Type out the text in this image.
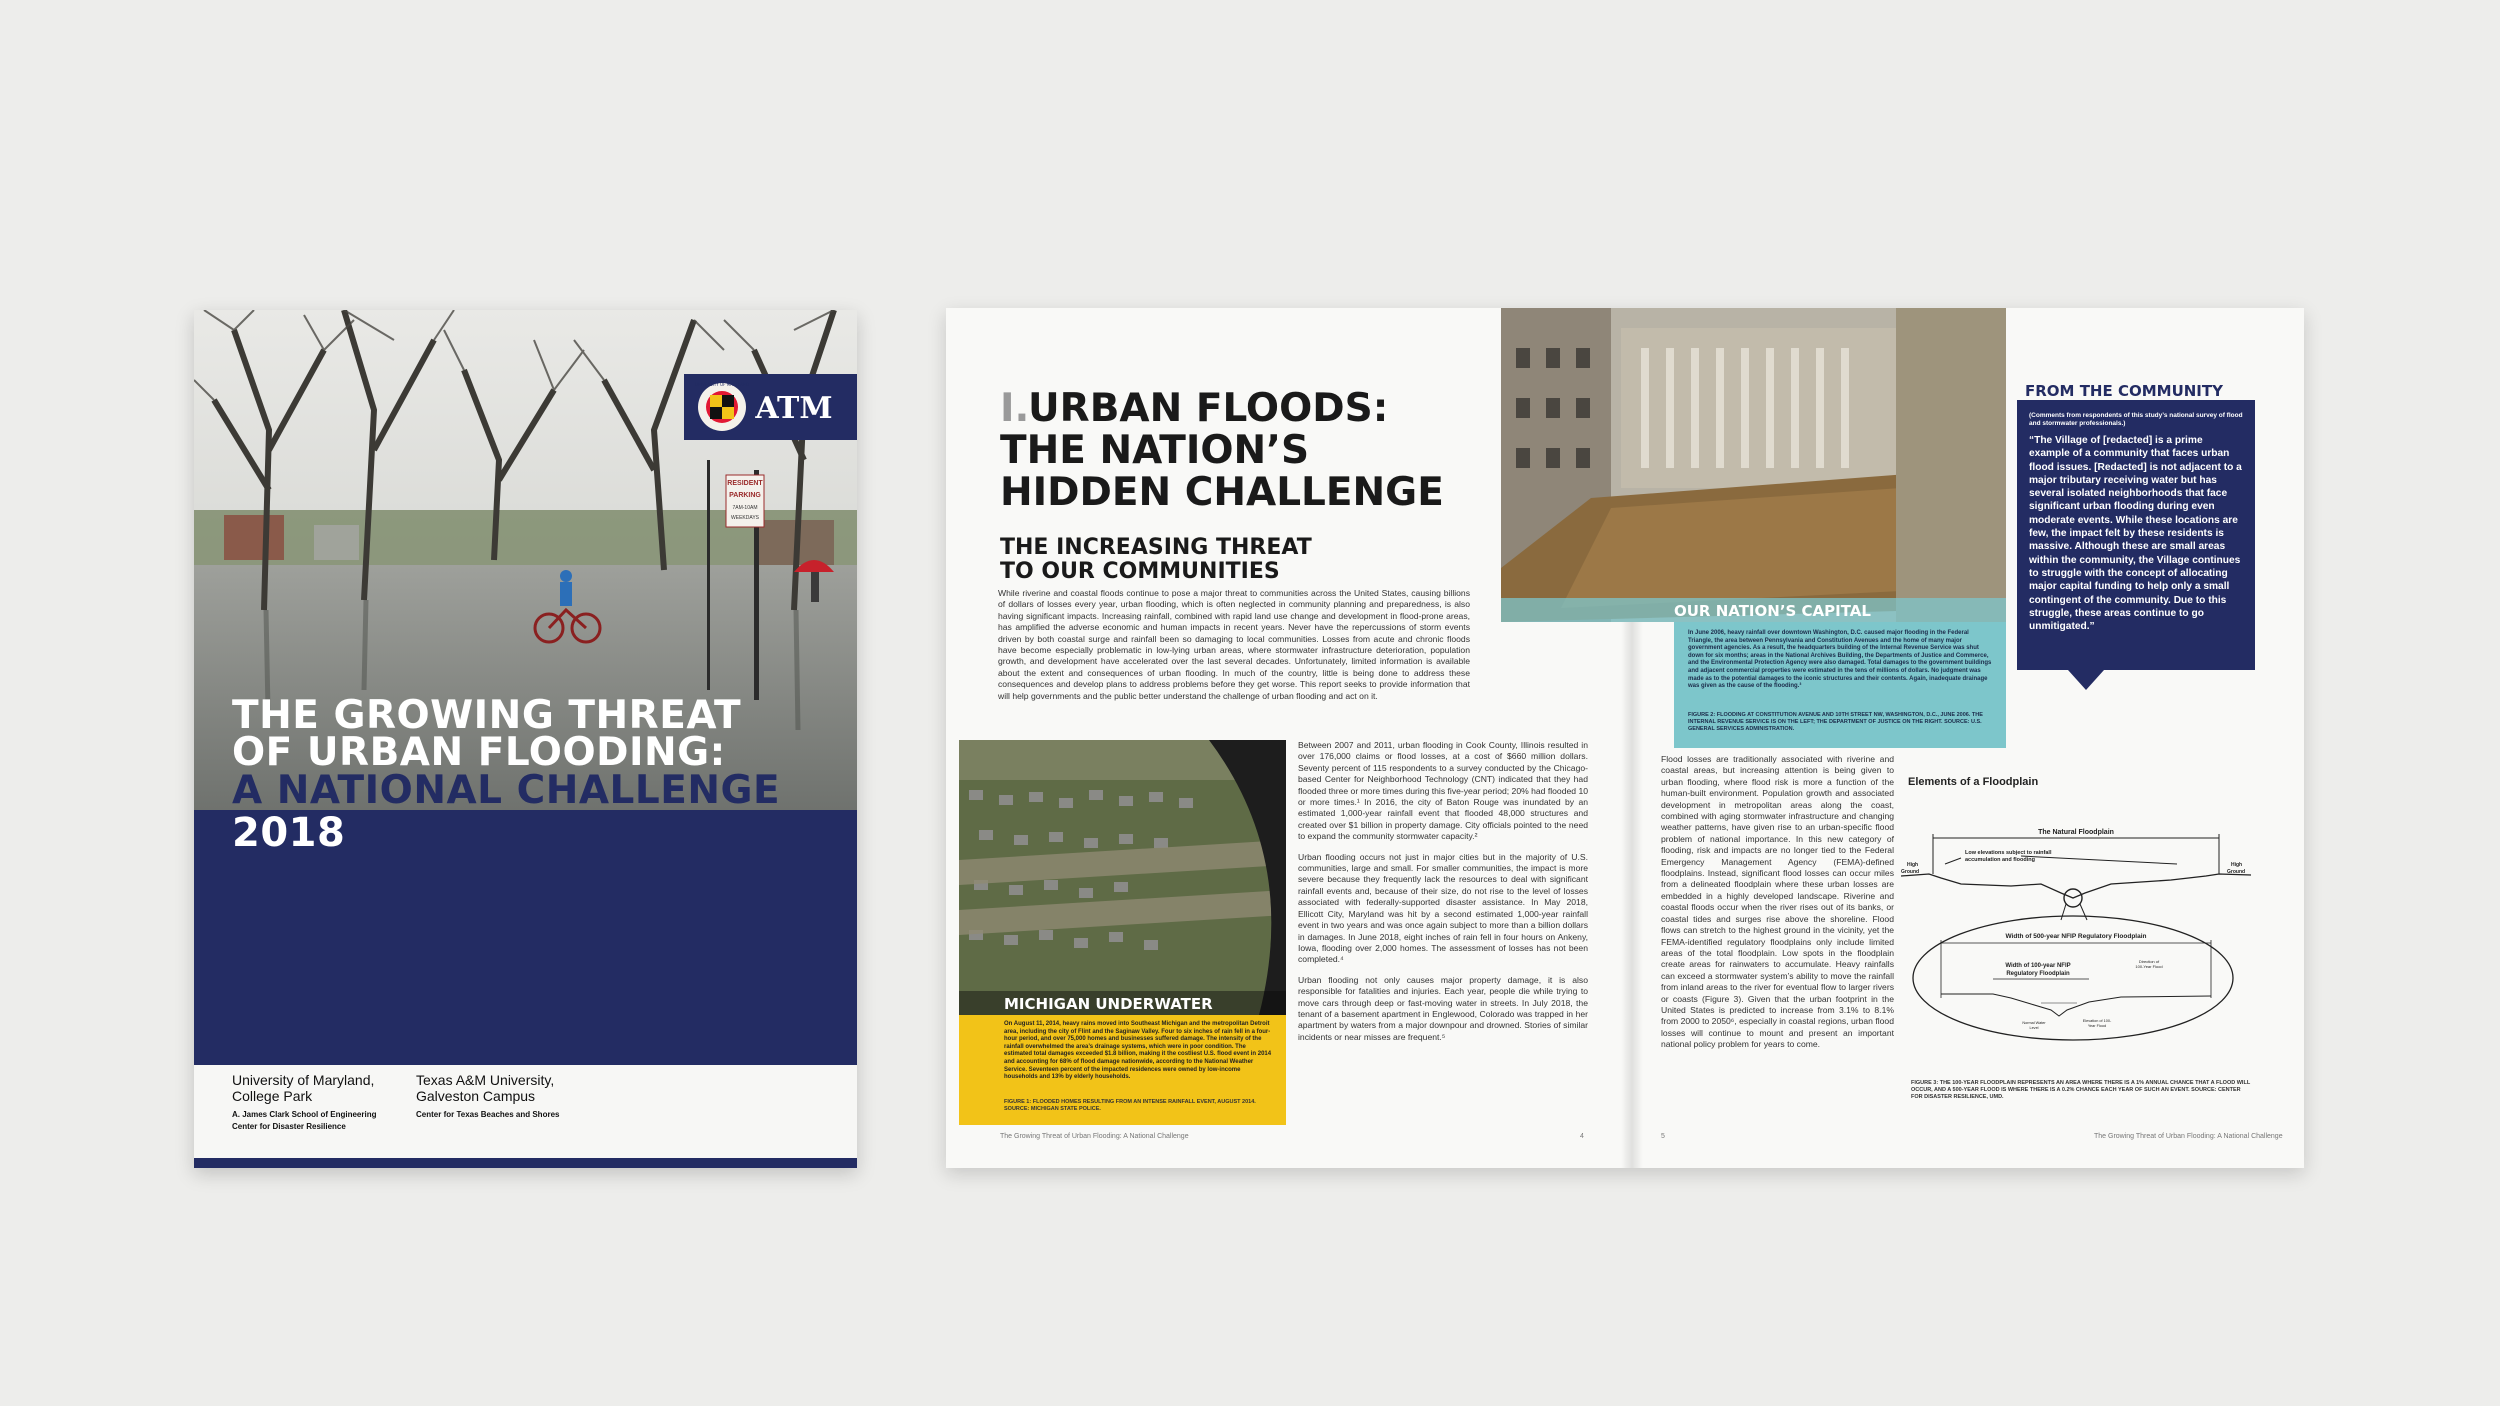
RESIDENT
PARKING
7AM-10AM
WEEKDAYS
UNIVERSITY OF MARYLAND
ATM
THE GROWING THREAT
OF URBAN FLOODING:
A NATIONAL CHALLENGE
2018
University of Maryland,
College Park
A. James Clark School of Engineering
Center for Disaster Resilience
Texas A&M University,
Galveston Campus
Center for Texas Beaches and Shores
I.
URBAN FLOODS:
THE NATION’S
HIDDEN CHALLENGE
THE INCREASING THREAT
TO OUR COMMUNITIES
While riverine and coastal floods continue to pose a major threat to communities across the United States, causing billions of dollars of losses every year, urban flooding, which is often neglected in community planning and preparedness, is also having significant impacts. Increasing rainfall, combined with rapid land use change and development in flood-prone areas, has amplified the adverse economic and human impacts in recent years. Never have the repercussions of storm events driven by both coastal surge and rainfall been so damaging to local communities. Losses from acute and chronic floods have become especially problematic in low-lying urban areas, where stormwater infrastructure deterioration, population growth, and development have accelerated over the last several decades. Unfortunately, limited information is available about the extent and consequences of urban flooding. In much of the country, little is being done to address these consequences and develop plans to address problems before they get worse. This report seeks to provide information that will help governments and the public better understand the challenge of urban flooding and act on it.
MICHIGAN UNDERWATER

On August 11, 2014, heavy rains moved into Southeast Michigan and the metropolitan Detroit area, including the city of Flint and the Saginaw Valley. Four to six inches of rain fell in a four-hour period, and over 75,000 homes and businesses suffered damage. The intensity of the rainfall overwhelmed the area’s drainage systems, which were in poor condition. The estimated total damages exceeded $1.8 billion, making it the costliest U.S. flood event in 2014 and accounting for 68% of flood damage nationwide, according to the National Weather Service. Seventeen percent of the impacted residences were owned by low-income households and 13% by elderly households.

FIGURE 1: FLOODED HOMES RESULTING FROM AN INTENSE RAINFALL EVENT, AUGUST 2014. SOURCE: MICHIGAN STATE POLICE.

Between 2007 and 2011, urban flooding in Cook County, Illinois resulted in over 176,000 claims or flood losses, at a cost of $660 million dollars. Seventy percent of 115 respondents to a survey conducted by the Chicago-based Center for Neighborhood Technology (CNT) indicated that they had flooded three or more times during this five-year period; 20% had flooded 10 or more times.¹ In 2016, the city of Baton Rouge was inundated by an estimated 1,000-year rainfall event that flooded 48,000 structures and created over $1 billion in property damage. City officials pointed to the need to expand the community stormwater capacity.²

Urban flooding occurs not just in major cities but in the majority of U.S. communities, large and small. For smaller communities, the impact is more severe because they frequently lack the resources to deal with significant rainfall events and, because of their size, do not rise to the level of losses associated with federally-supported disaster assistance. In May 2018, Ellicott City, Maryland was hit by a second estimated 1,000-year rainfall event in two years and was once again subject to more than a billion dollars in damages. In June 2018, eight inches of rain fell in four hours on Ankeny, Iowa, flooding over 2,000 homes. The assessment of losses has not been completed.⁴

Urban flooding not only causes major property damage, it is also responsible for fatalities and injuries. Each year, people die while trying to move cars through deep or fast-moving water in streets. In July 2018, the tenant of a basement apartment in Englewood, Colorado was trapped in her apartment by waters from a major downpour and drowned. Stories of similar incidents or near misses are frequent.⁵

OUR NATION’S CAPITAL

In June 2006, heavy rainfall over downtown Washington, D.C. caused major flooding in the Federal Triangle, the area between Pennsylvania and Constitution Avenues and the home of many major government agencies. As a result, the headquarters building of the Internal Revenue Service was shut down for six months; areas in the National Archives Building, the Departments of Justice and Commerce, and the Environmental Protection Agency were also damaged. Total damages to the government buildings and adjacent commercial properties were estimated in the tens of millions of dollars. No judgment was made as to the potential damages to the iconic structures and their contents. Again, inadequate drainage was given as the cause of the flooding.³

FIGURE 2: FLOODING AT CONSTITUTION AVENUE AND 10TH STREET NW, WASHINGTON, D.C., JUNE 2006. THE INTERNAL REVENUE SERVICE IS ON THE LEFT; THE DEPARTMENT OF JUSTICE ON THE RIGHT. SOURCE: U.S. GENERAL SERVICES ADMINISTRATION.
FROM THE COMMUNITY
(Comments from respondents of this study’s national survey of flood and stormwater professionals.)
“The Village of [redacted] is a prime example of a community that faces urban flood issues. [Redacted] is not adjacent to a major tributary receiving water but has several isolated neighborhoods that face significant urban flooding during even moderate events. While these locations are few, the impact felt by these residents is massive. Although these are small areas within the community, the Village continues to struggle with the concept of allocating major capital funding to help only a small contingent of the community. Due to this struggle, these areas continue to go unmitigated.”
Flood losses are traditionally associated with riverine and coastal areas, but increasing attention is being given to urban flooding, where flood risk is more a function of the human-built environment. Population growth and associated development in metropolitan areas along the coast, combined with aging stormwater infrastructure and changing weather patterns, have given rise to an urban-specific flood problem of national importance. In this new category of flooding, risk and impacts are no longer tied to the Federal Emergency Management Agency (FEMA)-defined floodplains. Instead, significant flood losses can occur miles from a delineated floodplain where these urban losses are embedded in a highly developed landscape. Riverine and coastal floods occur when the river rises out of its banks, or coastal tides and surges rise above the shoreline. Flood flows can stretch to the highest ground in the vicinity, yet the FEMA-identified regulatory floodplains only include limited areas of the total floodplain. Low spots in the floodplain create areas for rainwaters to accumulate. Heavy rainfalls can exceed a stormwater system’s ability to move the rainfall from inland areas to the river for eventual flow to larger rivers or coasts (Figure 3). Given that the urban footprint in the United States is predicted to increase from 3.1% to 8.1% from 2000 to 2050⁶, especially in coastal regions, urban flood losses will continue to mount and present an important national policy problem for years to come.
Elements of a Floodplain
The Natural Floodplain
Low elevations subject to rainfall
accumulation and flooding
High
Ground
High
Ground
Width of 500-year NFIP Regulatory Floodplain
Width of 100-year NFIP
Regulatory Floodplain
Direction of
100-Year Flood
Normal Water
Level
Elevation of 100-
Year Flood
FIGURE 3: THE 100-YEAR FLOODPLAIN REPRESENTS AN AREA WHERE THERE IS A 1% ANNUAL CHANCE THAT A FLOOD WILL OCCUR, AND A 500-YEAR FLOOD IS WHERE THERE IS A 0.2% CHANCE EACH YEAR OF SUCH AN EVENT. SOURCE: CENTER FOR DISASTER RESILIENCE, UMD.
The Growing Threat of Urban Flooding: A National Challenge	4	5	The Growing Threat of Urban Flooding: A National Challenge
